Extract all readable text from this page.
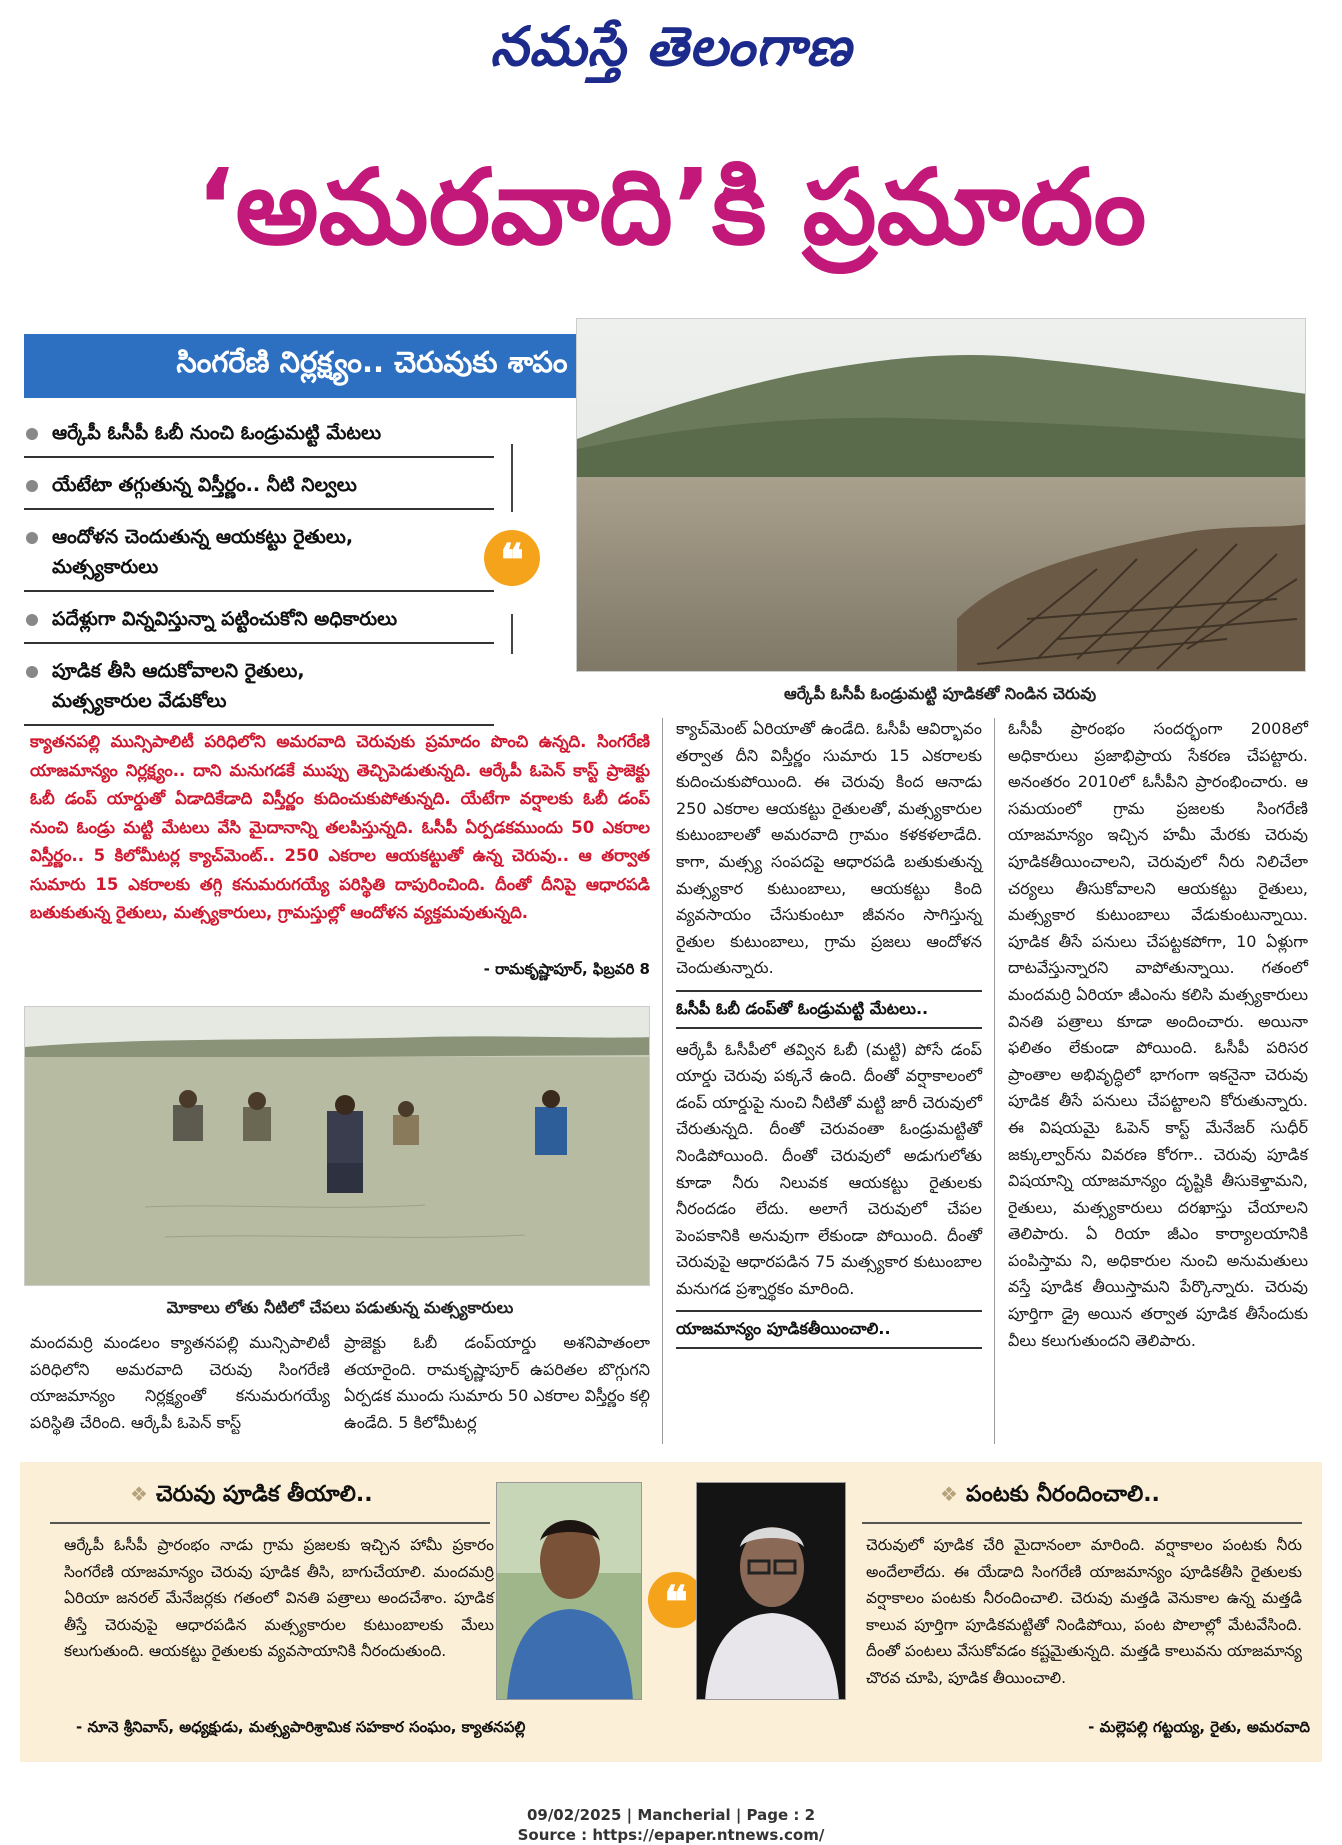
నమస్తే తెలంగాణ
‘అమరవాది’కి ప్రమాదం
సింగరేణి నిర్లక్ష్యం.. చెరువుకు శాపం
ఆర్కేపీ ఓసీపీ ఓబీ నుంచి ఓండ్రుమట్టి మేటలు
యేటేటా తగ్గుతున్న విస్తీర్ణం.. నీటి నిల్వలు
ఆందోళన చెందుతున్న ఆయకట్టు రైతులు, మత్స్యకారులు
పదేళ్లుగా విన్నవిస్తున్నా పట్టించుకోని అధికారులు
పూడిక తీసి ఆదుకోవాలని రైతులు, మత్స్యకారుల వేడుకోలు
❝
ఆర్కేపీ ఓసీపీ ఓండ్రుమట్టి పూడికతో నిండిన చెరువు
క్యాతనపల్లి మున్సిపాలిటీ పరిధిలోని అమరవాది చెరువుకు ప్రమాదం పొంచి ఉన్నది. సింగరేణి యాజమాన్యం నిర్లక్ష్యం.. దాని మనుగడకే ముప్పు తెచ్చిపెడుతున్నది. ఆర్కేపీ ఓపెన్ కాస్ట్ ప్రాజెక్టు ఓబీ డంప్ యార్డుతో ఏడాదికేడాది విస్తీర్ణం కుదించుకుపోతున్నది. యేటేగా వర్షాలకు ఓబీ డంప్ నుంచి ఓండ్రు మట్టి మేటలు వేసి మైదానాన్ని తలపిస్తున్నది. ఓసీపీ ఏర్పడకముందు 50 ఎకరాల విస్తీర్ణం.. 5 కిలోమీటర్ల క్యాచ్‌మెంట్.. 250 ఎకరాల ఆయకట్టుతో ఉన్న చెరువు.. ఆ తర్వాత సుమారు 15 ఎకరాలకు తగ్గి కనుమరుగయ్యే పరిస్థితి దాపురించింది. దీంతో దీనిపై ఆధారపడి బతుకుతున్న రైతులు, మత్స్యకారులు, గ్రామస్తుల్లో ఆందోళన వ్యక్తమవుతున్నది.
- రామకృష్ణాపూర్, ఫిబ్రవరి 8
మోకాలు లోతు నీటిలో చేపలు పడుతున్న మత్స్యకారులు

క్యాచ్‌మెంట్ ఏరియాతో ఉండేది. ఓసీపీ ఆవిర్భావం తర్వాత దీని విస్తీర్ణం సుమారు 15 ఎకరాలకు కుదించుకుపోయింది. ఈ చెరువు కింద ఆనాడు 250 ఎకరాల ఆయకట్టు రైతులతో, మత్స్యకారుల కుటుంబాలతో అమరవాది గ్రామం కళకళలాడేది. కాగా, మత్స్య సంపదపై ఆధారపడి బతుకుతున్న మత్స్యకార కుటుంబాలు, ఆయకట్టు కింది వ్యవసాయం చేసుకుంటూ జీవనం సాగిస్తున్న రైతుల కుటుంబాలు, గ్రామ ప్రజలు ఆందోళన చెందుతున్నారు.

ఓసీపీ ఓబీ డంప్‌తో ఓండ్రుమట్టి మేటలు..

ఆర్కేపీ ఓసీపీలో తవ్విన ఓబీ (మట్టి) పోసే డంప్ యార్డు చెరువు పక్కనే ఉంది. దీంతో వర్షాకాలంలో డంప్ యార్డుపై నుంచి నీటితో మట్టి జారీ చెరువులో చేరుతున్నది. దీంతో చెరువంతా ఓండ్రుమట్టితో నిండిపోయింది. దీంతో చెరువులో అడుగులోతు కూడా నీరు నిలువక ఆయకట్టు రైతులకు నీరందడం లేదు. అలాగే చెరువులో చేపల పెంపకానికి అనువుగా లేకుండా పోయింది. దీంతో చెరువుపై ఆధారపడిన 75 మత్స్యకార కుటుంబాల మనుగడ ప్రశ్నార్థకం మారింది.

యాజమాన్యం పూడికతీయించాలి..

ఓసీపీ ప్రారంభం సందర్భంగా 2008లో అధికారులు ప్రజాభిప్రాయ సేకరణ చేపట్టారు. అనంతరం 2010లో ఓసీపీని ప్రారంభించారు. ఆ సమయంలో గ్రామ ప్రజలకు సింగరేణి యాజమాన్యం ఇచ్చిన హమీ మేరకు చెరువు పూడికతీయించాలని, చెరువులో నీరు నిలిచేలా చర్యలు తీసుకోవాలని ఆయకట్టు రైతులు, మత్స్యకార కుటుంబాలు వేడుకుంటున్నాయి. పూడిక తీసే పనులు చేపట్టకపోగా, 10 ఏళ్లుగా దాటవేస్తున్నారని వాపోతున్నాయి. గతంలో మందమర్రి ఏరియా జీఎంను కలిసి మత్స్యకారులు వినతి పత్రాలు కూడా అందించారు. అయినా ఫలితం లేకుండా పోయింది. ఓసీపీ పరిసర ప్రాంతాల అభివృద్ధిలో భాగంగా ఇకనైనా చెరువు పూడిక తీసే పనులు చేపట్టాలని కోరుతున్నారు. ఈ విషయమై ఓపెన్ కాస్ట్ మేనేజర్ సుధీర్ జక్కుల్వార్‌ను వివరణ కోరగా.. చెరువు పూడిక విషయాన్ని యాజమాన్యం దృష్టికి తీసుకెళ్తామని, రైతులు, మత్స్యకారులు దరఖాస్తు చేయాలని తెలిపారు. ఏ రియా జీఎం కార్యాలయానికి పంపిస్తామ ని, అధికారుల నుంచి అనుమతులు వస్తే పూడిక తీయిస్తామని పేర్కొన్నారు. చెరువు పూర్తిగా డ్రై అయిన తర్వాత పూడిక తీసేందుకు వీలు కలుగుతుందని తెలిపారు.

మందమర్రి మండలం క్యాతనపల్లి మున్సిపాలిటీ పరిధిలోని అమరవాది చెరువు సింగరేణి యాజమాన్యం నిర్లక్ష్యంతో కనుమరుగయ్యే పరిస్థితి చేరింది. ఆర్కేపీ ఓపెన్ కాస్ట్

ప్రాజెక్టు ఓబీ డంప్‌యార్డు అశనిపాతంలా తయారైంది. రామకృష్ణాపూర్ ఉపరితల బొగ్గుగని ఏర్పడక ముందు సుమారు 50 ఎకరాల విస్తీర్ణం కల్గి ఉండేది. 5 కిలోమీటర్ల

❖ చెరువు పూడిక తీయాలి..
ఆర్కేపీ ఓసీపీ ప్రారంభం నాడు గ్రామ ప్రజలకు ఇచ్చిన హామీ ప్రకారం సింగరేణి యాజమాన్యం చెరువు పూడిక తీసి, బాగుచేయాలి. మందమర్రి ఏరియా జనరల్ మేనేజర్లకు గతంలో వినతి పత్రాలు అందచేశాం. పూడిక తీస్తే చెరువుపై ఆధారపడిన మత్స్యకారుల కుటుంబాలకు మేలు కలుగుతుంది. ఆయకట్టు రైతులకు వ్యవసాయానికి నీరందుతుంది.
- నూనె శ్రీనివాస్, అధ్యక్షుడు, మత్స్యపారిశ్రామిక సహకార సంఘం, క్యాతనపల్లి
❝
❖ పంటకు నీరందించాలి..
చెరువులో పూడిక చేరి మైదానంలా మారింది. వర్షాకాలం పంటకు నీరు అందేలాలేదు. ఈ యేడాది సింగరేణి యాజమాన్యం పూడికతీసి రైతులకు వర్షాకాలం పంటకు నీరందించాలి. చెరువు మత్తడి వెనుకాల ఉన్న మత్తడి కాలువ పూర్తిగా పూడికమట్టితో నిండిపోయి, పంట పొలాల్లో మేటవేసింది. దీంతో పంటలు వేసుకోవడం కష్టమైతున్నది. మత్తడి కాలువను యాజమాన్య చొరవ చూపి, పూడిక తీయించాలి.
- మల్లెపల్లి గట్టయ్య, రైతు, అమరవాది
09/02/2025 | Mancherial | Page : 2
Source : https://epaper.ntnews.com/
